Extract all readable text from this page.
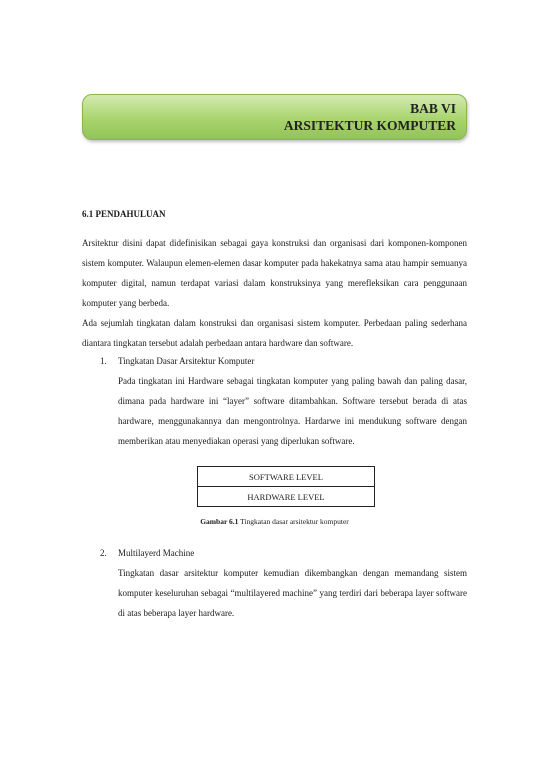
BAB VI
ARSITEKTUR KOMPUTER

6.1 PENDAHULUAN

Arsitektur disini dapat didefinisikan sebagai gaya konstruksi dan organisasi dari komponen-komponen sistem komputer. Walaupun elemen-elemen dasar komputer pada hakekatnya sama atau hampir semuanya komputer digital, namun terdapat variasi dalam konstruksinya yang merefleksikan cara penggunaan komputer yang berbeda.

Ada sejumlah tingkatan dalam konstruksi dan organisasi sistem komputer. Perbedaan paling sederhana diantara tingkatan tersebut adalah perbedaan antara hardware dan software.

1. Tingkatan Dasar Arsitektur Komputer

Pada tingkatan ini Hardware sebagai tingkatan komputer yang paling bawah dan paling dasar, dimana pada hardware ini “layer” software ditambahkan. Software tersebut berada di atas hardware, menggunakannya dan mengontrolnya. Hardarwe ini mendukung software dengan memberikan atau menyediakan operasi yang diperlukan software.

SOFTWARE LEVEL
HARDWARE LEVEL

Gambar 6.1 Tingkatan dasar arsitektur komputer

2. Multilayerd Machine

Tingkatan dasar arsitektur komputer kemudian dikembangkan dengan memandang sistem komputer keseluruhan sebagai “multilayered machine” yang terdiri dari beberapa layer software di atas beberapa layer hardware.
